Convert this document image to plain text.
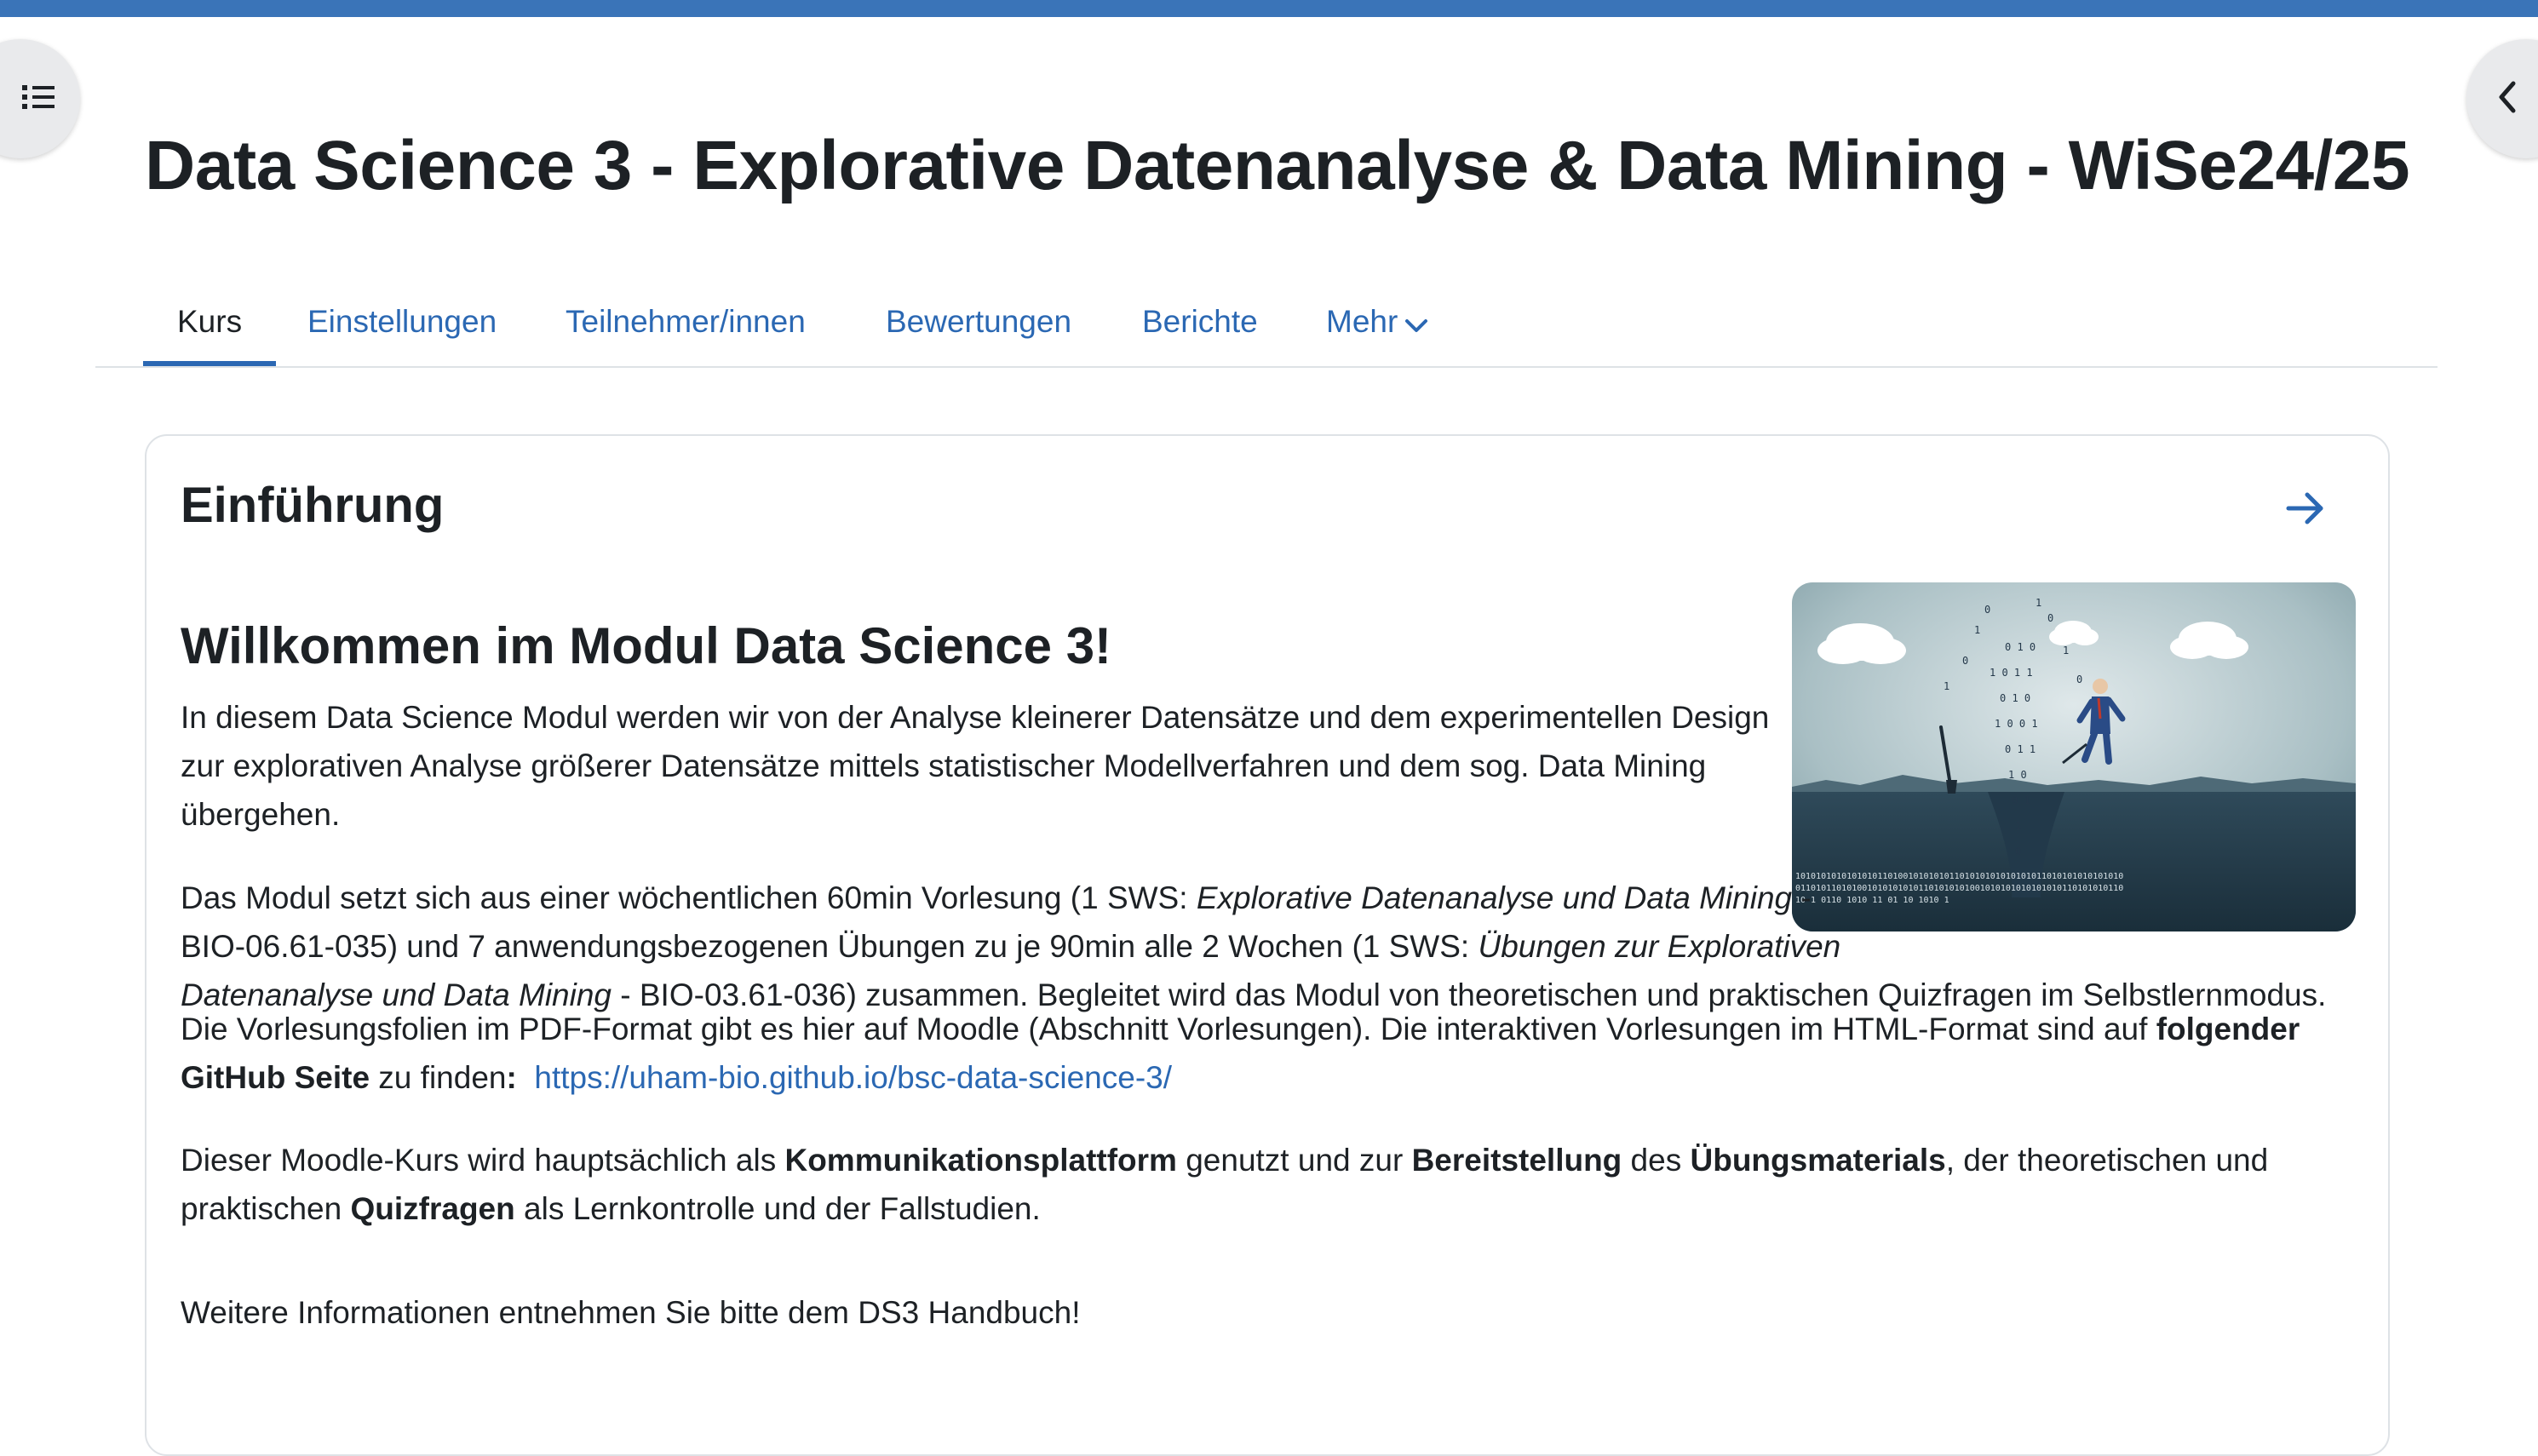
Data Science 3 - Explorative Datenanalyse & Data Mining - WiSe24/25
Kurs Einstellungen Teilnehmer/innen	Bewertungen Berichte Mehr
Einführung
0 1 0
1 0 1 1
0 1 0
1 0 0 1
0 1 1
1 0
0 1
1
0
1
0
0
1
1
0
1
0
1010101010101010110100101010101101010101010101011010101010101010
0110101101010010101010101101010101001010101010101010110101010110
10 1 0110 1010 11 01 10 1010 1
Willkommen im Modul Data Science 3!

In diesem Data Science Modul werden wir von der Analyse kleinerer Datensätze und dem experimentellen Design
zur explorativen Analyse größerer Datensätze mittels statistischer Modellverfahren und dem sog. Data Mining
übergehen.

Das Modul setzt sich aus einer wöchentlichen 60min Vorlesung (1 SWS: Explorative Datenanalyse und Data Mining -
BIO-06.61-035) und 7 anwendungsbezogenen Übungen zu je 90min alle 2 Wochen (1 SWS: Übungen zur Explorativen
Datenanalyse und Data Mining - BIO-03.61-036) zusammen. Begleitet wird das Modul von theoretischen und praktischen Quizfragen im Selbstlernmodus.

Die Vorlesungsfolien im PDF-Format gibt es hier auf Moodle (Abschnitt Vorlesungen). Die interaktiven Vorlesungen im HTML-Format sind auf folgender
GitHub Seite zu finden: https://uham-bio.github.io/bsc-data-science-3/

Dieser Moodle-Kurs wird hauptsächlich als Kommunikationsplattform genutzt und zur Bereitstellung des Übungsmaterials, der theoretischen und
praktischen Quizfragen als Lernkontrolle und der Fallstudien.

Weitere Informationen entnehmen Sie bitte dem DS3 Handbuch!
